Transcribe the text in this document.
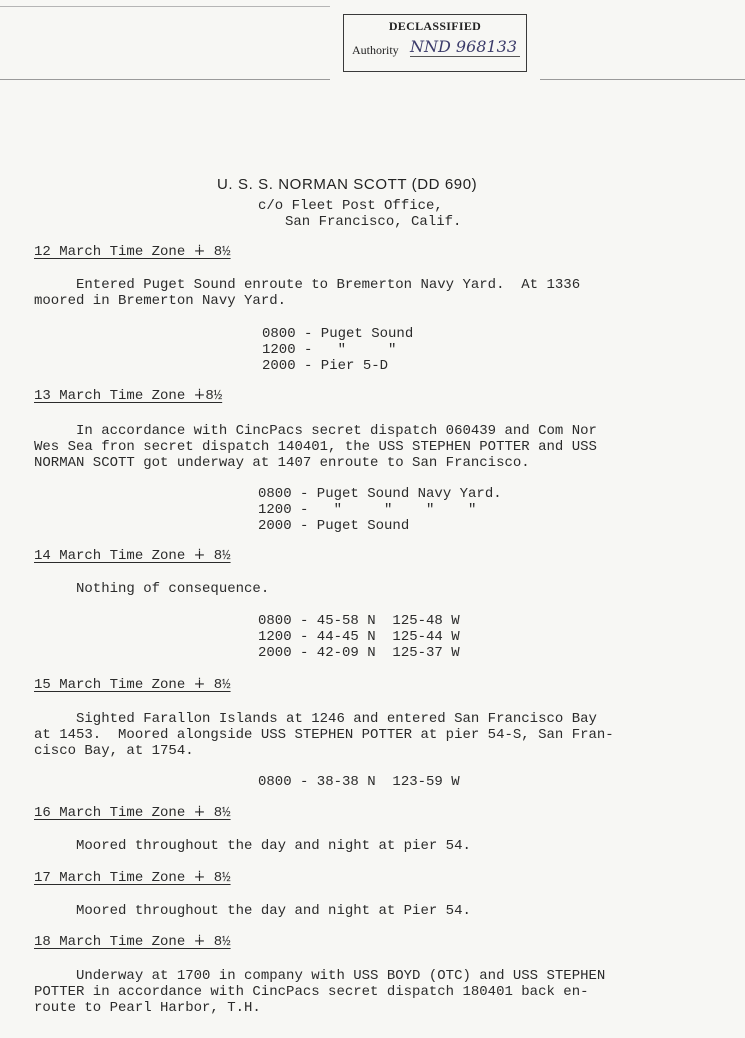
DECLASSIFIED
Authority NND 968133
U. S. S. NORMAN SCOTT (DD 690)
c/o Fleet Post Office,
San Francisco, Calif.
12 March Time Zone ∔ 8½
Entered Puget Sound enroute to Bremerton Navy Yard.  At 1336
moored in Bremerton Navy Yard.
0800 - Puget Sound
1200 -   "     "
2000 - Pier 5-D
13 March Time Zone ∔8½
In accordance with CincPacs secret dispatch 060439 and Com Nor
Wes Sea fron secret dispatch 140401, the USS STEPHEN POTTER and USS
NORMAN SCOTT got underway at 1407 enroute to San Francisco.
0800 - Puget Sound Navy Yard.
1200 -   "     "    "    "
2000 - Puget Sound
14 March Time Zone ∔ 8½
Nothing of consequence.
0800 - 45-58 N  125-48 W
1200 - 44-45 N  125-44 W
2000 - 42-09 N  125-37 W
15 March Time Zone ∔ 8½
Sighted Farallon Islands at 1246 and entered San Francisco Bay
at 1453.  Moored alongside USS STEPHEN POTTER at pier 54-S, San Fran-
cisco Bay, at 1754.
0800 - 38-38 N  123-59 W
16 March Time Zone ∔ 8½
Moored throughout the day and night at pier 54.
17 March Time Zone ∔ 8½
Moored throughout the day and night at Pier 54.
18 March Time Zone ∔ 8½
Underway at 1700 in company with USS BOYD (OTC) and USS STEPHEN
POTTER in accordance with CincPacs secret dispatch 180401 back en-
route to Pearl Harbor, T.H.
